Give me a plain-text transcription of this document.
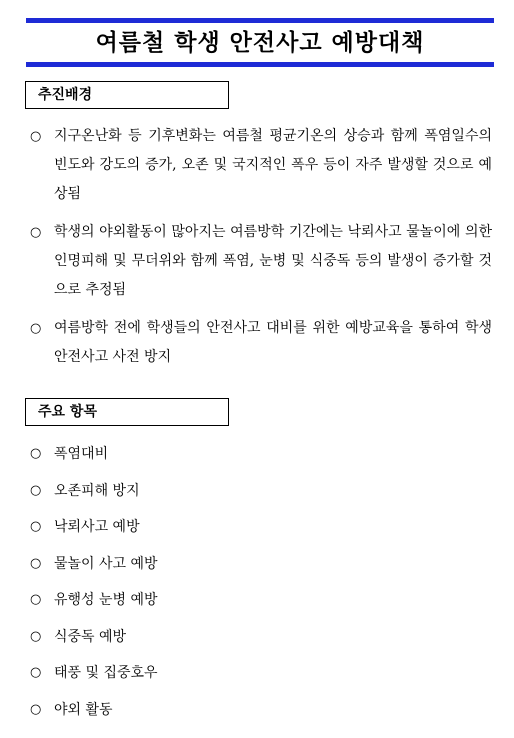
여름철 학생 안전사고 예방대책
추진배경
○ 지구온난화 등 기후변화는 여름철 평균기온의 상승과 함께 폭염일수의 빈도와 강도의 증가, 오존 및 국지적인 폭우 등이 자주 발생할 것으로 예상됨
○ 학생의 야외활동이 많아지는 여름방학 기간에는 낙뢰사고 물놀이에 의한 인명피해 및 무더위와 함께 폭염, 눈병 및 식중독 등의 발생이 증가할 것으로 추정됨
○ 여름방학 전에 학생들의 안전사고 대비를 위한 예방교육을 통하여 학생 안전사고 사전 방지
주요 항목
○ 폭염대비
○ 오존피해 방지
○ 낙뢰사고 예방
○ 물놀이 사고 예방
○ 유행성 눈병 예방
○ 식중독 예방
○ 태풍 및 집중호우
○ 야외 활동
